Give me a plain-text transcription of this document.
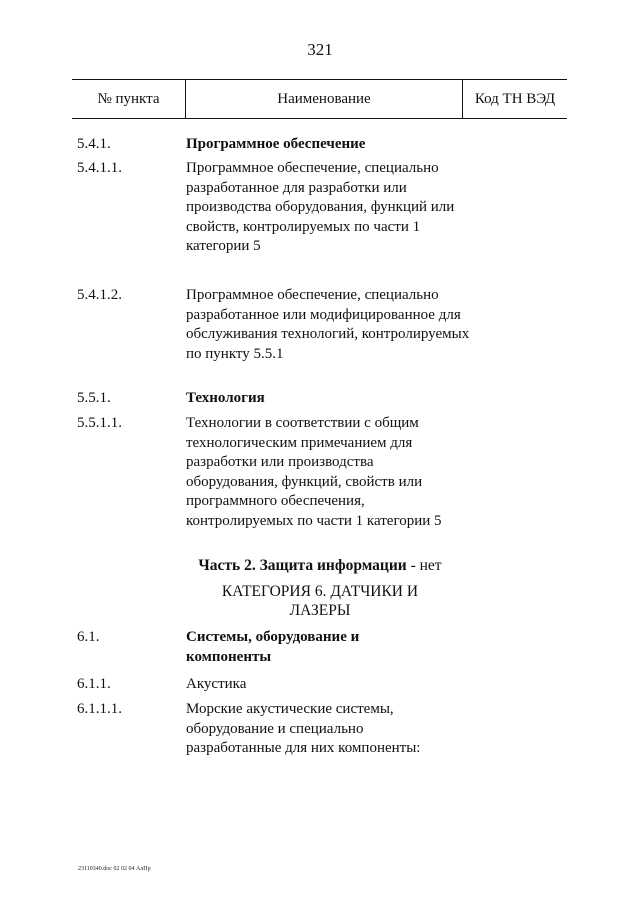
321
№ пункта	Наименование	Код ТН ВЭД
5.4.1.	Программное обеспечение
5.4.1.1.	Программное обеспечение, специально разработанное для разработки или производства оборудования, функций или свойств, контролируемых по части 1 категории 5
5.4.1.2.	Программное обеспечение, специально разработанное или модифицированное для обслуживания технологий, контролируемых по пункту 5.5.1
5.5.1.	Технология
5.5.1.1.	Технологии в соответствии с общим технологическим примечанием для разработки или производства оборудования, функций, свойств или программного обеспечения, контролируемых по части 1 категории 5
Часть 2. Защита информации - нет
КАТЕГОРИЯ 6. ДАТЧИКИ И
ЛАЗЕРЫ
6.1.	Системы, оборудование и компоненты
6.1.1.	Акустика
6.1.1.1.	Морские акустические системы, оборудование и специально разработанные для них компоненты:
23110340.doc 02 02 04 АлПр
